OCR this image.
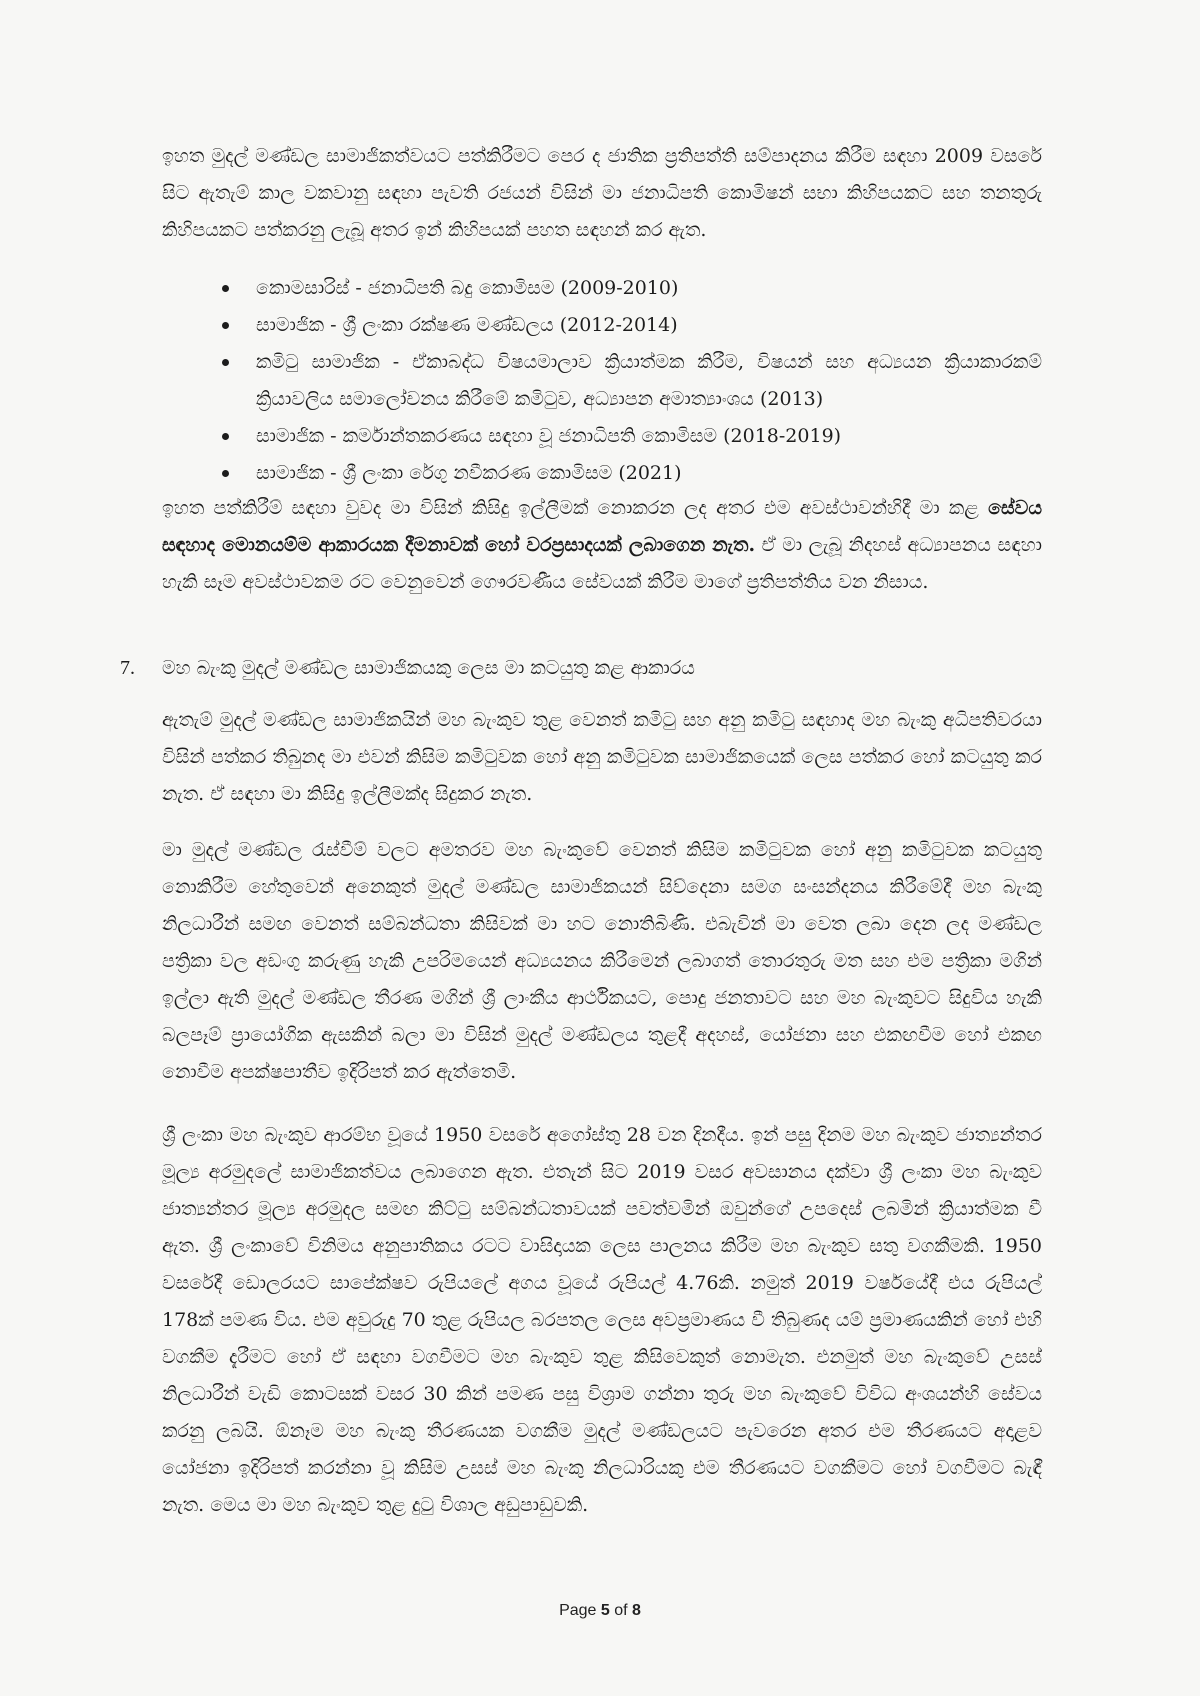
ඉහත මුදල් මණ්ඩල සාමාජිකත්වයට පත්කිරීමට පෙර ද ජාතික ප්‍රතිපත්ති සම්පාදනය කිරීම සඳහා 2009 වසරේ සිට ඇතැම් කාල වකවානු සඳහා පැවති රජයන් විසින් මා ජනාධිපති කොමිෂන් සභා කිහිපයකට සහ තනතුරු කිහිපයකට පත්කරනු ලැබූ අතර ඉන් කිහිපයක් පහත සඳහන් කර ඇත.

කොමසාරිස් - ජනාධිපති බදු කොමිසම (2009-2010)
සාමාජික - ශ්‍රී ලංකා රක්ෂණ මණ්ඩලය (2012-2014)
කමිටු සාමාජික - ඒකාබද්ධ විෂයමාලාව ක්‍රියාත්මක කිරීම, විෂයන් සහ අධ්‍යයන ක්‍රියාකාරකම් ක්‍රියාවලිය සමාලෝචනය කිරීමේ කමිටුව, අධ්‍යාපන අමාත්‍යාංශය (2013)
සාමාජික - කර්මාන්තකරණය සඳහා වූ ජනාධිපති කොමිසම (2018-2019)
සාමාජික - ශ්‍රී ලංකා රේගු නවීකරණ කොමිසම (2021)

ඉහත පත්කිරීම් සඳහා වුවද මා විසින් කිසිදු ඉල්ලීමක් නොකරන ලද අතර එම අවස්ථාවන්හිදී මා කළ සේවය සඳහාද මොනයම්ම ආකාරයක දීමනාවක් හෝ වරප්‍රසාදයක් ලබාගෙන නැත. ඒ මා ලැබූ නිදහස් අධ්‍යාපනය සඳහා හැකි සෑම අවස්ථාවකම රට වෙනුවෙන් ගෞරවණීය සේවයක් කිරීම මාගේ ප්‍රතිපත්තිය වන නිසාය.

7. මහ බැංකු මුදල් මණ්ඩල සාමාජිකයකු ලෙස මා කටයුතු කළ ආකාරය

ඇතැම් මුදල් මණ්ඩල සාමාජිකයින් මහ බැංකුව තුළ වෙනත් කමිටු සහ අනු කමිටු සඳහාද මහ බැංකු අධිපතිවරයා විසින් පත්කර තිබුනද මා එවන් කිසිම කමිටුවක හෝ අනු කමිටුවක සාමාජිකයෙක් ලෙස පත්කර හෝ කටයුතු කර නැත. ඒ සඳහා මා කිසිදු ඉල්ලීමක්ද සිදුකර නැත.

මා මුදල් මණ්ඩල රැස්වීම් වලට අමතරව මහ බැංකුවේ වෙනත් කිසිම කමිටුවක හෝ අනු කමිටුවක කටයුතු නොකිරීම හේතුවෙන් අනෙකුත් මුදල් මණ්ඩල සාමාජිකයන් සිව්දෙනා සමග සංසන්දනය කිරීමේදී මහ බැංකු නිලධාරීන් සමඟ වෙනත් සම්බන්ධතා කිසිවක් මා හට නොතිබිණි. එබැවින් මා වෙත ලබා දෙන ලද මණ්ඩල පත්‍රිකා වල අඩංගු කරුණු හැකි උපරිමයෙන් අධ්‍යයනය කිරීමෙන් ලබාගත් තොරතුරු මත සහ එම පත්‍රිකා මගින් ඉල්ලා ඇති මුදල් මණ්ඩල තීරණ මගින් ශ්‍රී ලාංකීය ආර්ථිකයට, පොදු ජනතාවට සහ මහ බැංකුවට සිදුවිය හැකි බලපෑම් ප්‍රායෝගික ඇසකින් බලා මා විසින් මුදල් මණ්ඩලය තුළදී අදහස්, යෝජනා සහ එකඟවීම හෝ එකඟ නොවීම අපක්ෂපාතීව ඉදිරිපත් කර ඇත්තෙමි.

ශ්‍රී ලංකා මහ බැංකුව ආරම්භ වූයේ 1950 වසරේ අගෝස්තු 28 වන දිනදීය. ඉන් පසු දිනම මහ බැංකුව ජාත්‍යන්තර මූල්‍ය අරමුදලේ සාමාජිකත්වය ලබාගෙන ඇත. එතැන් සිට 2019 වසර අවසානය දක්වා ශ්‍රී ලංකා මහ බැංකුව ජාත්‍යන්තර මූල්‍ය අරමුදල සමඟ කිට්ටු සම්බන්ධතාවයක් පවත්වමින් ඔවුන්ගේ උපදෙස් ලබමින් ක්‍රියාත්මක වී ඇත. ශ්‍රී ලංකාවේ විනිමය අනුපාතිකය රටට වාසිදායක ලෙස පාලනය කිරීම මහ බැංකුව සතු වගකීමකි. 1950 වසරේදී ඩොලරයට සාපේක්ෂව රුපියලේ අගය වූයේ රුපියල් 4.76කි. නමුත් 2019 වර්ෂයේදී එය රුපියල් 178ක් පමණ විය. එම අවුරුදු 70 තුළ රුපියල බරපතල ලෙස අවප්‍රමාණය වී තිබුණද යම් ප්‍රමාණයකින් හෝ එහි වගකීම දැරීමට හෝ ඒ සඳහා වගවීමට මහ බැංකුව තුළ කිසිවෙකුත් නොමැත. එනමුත් මහ බැංකුවේ උසස් නිලධාරීන් වැඩි කොටසක් වසර 30 කින් පමණ පසු විශ්‍රාම ගන්නා තුරු මහ බැංකුවේ විවිධ අංශයන්හි සේවය කරනු ලබයි. ඕනෑම මහ බැංකු තීරණයක වගකීම මුදල් මණ්ඩලයට පැවරෙන අතර එම තීරණයට අදාළව යෝජනා ඉදිරිපත් කරන්නා වූ කිසිම උසස් මහ බැංකු නිලධාරියකු එම තීරණයට වගකීමට හෝ වගවීමට බැඳී නැත. මෙය මා මහ බැංකුව තුළ දුටු විශාල අඩුපාඩුවකි.

Page 5 of 8
